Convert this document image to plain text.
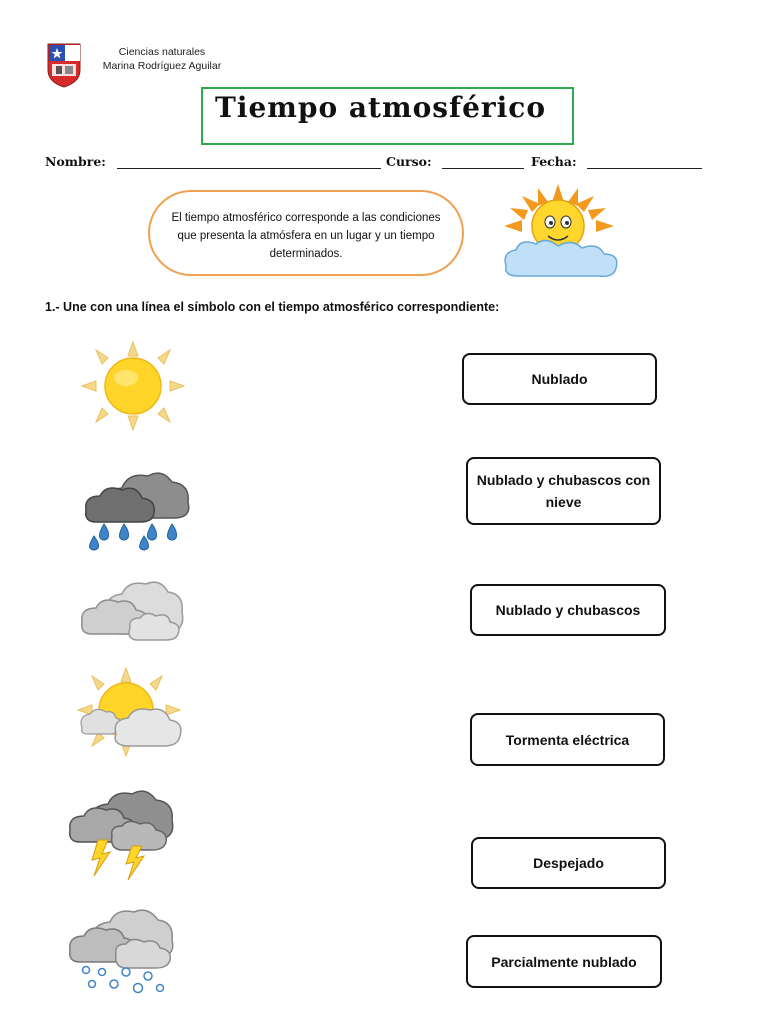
Ciencias naturales
Marina Rodríguez Aguilar
Tiempo atmosférico
Nombre:	Curso:	Fecha:
El tiempo atmosférico corresponde a las condiciones que presenta la atmósfera en un lugar y un tiempo determinados.
1.- Une con una línea el símbolo con el tiempo atmosférico correspondiente:
Nublado
Nublado y chubascos con nieve
Nublado y chubascos
Tormenta eléctrica
Despejado
Parcialmente nublado
